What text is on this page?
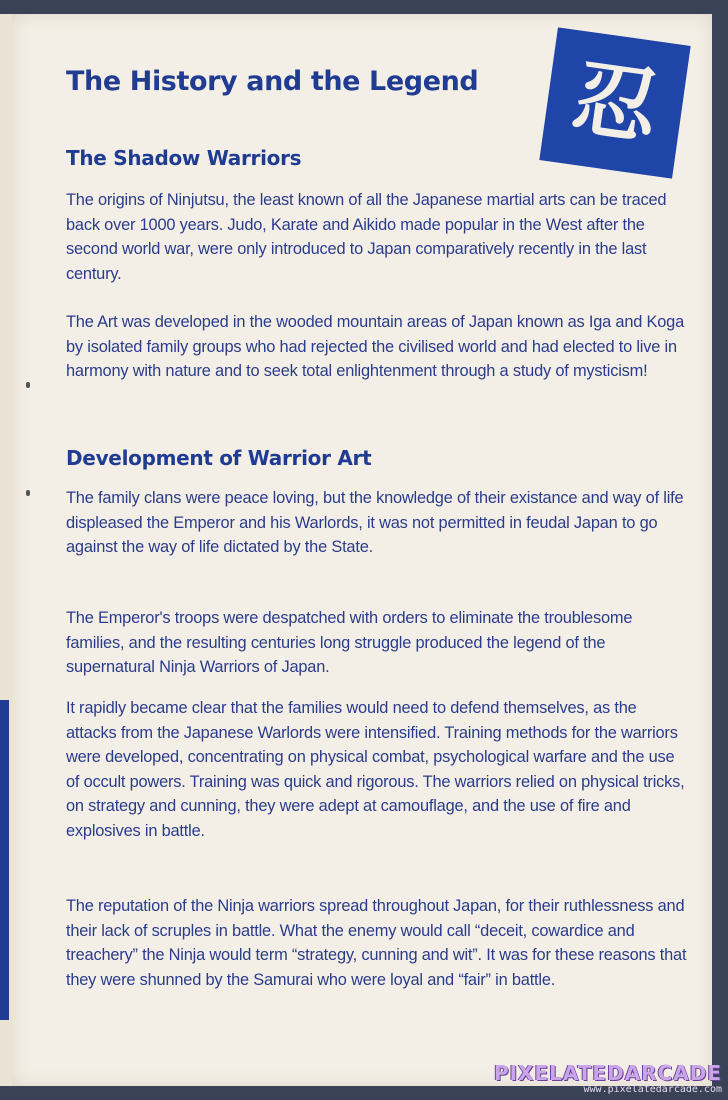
The History and the Legend 忍
The Shadow Warriors

The origins of Ninjutsu, the least known of all the Japanese martial arts can be traced back over 1000 years. Judo, Karate and Aikido made popular in the West after the second world war, were only introduced to Japan comparatively recently in the last century.

The Art was developed in the wooded mountain areas of Japan known as Iga and Koga by isolated family groups who had rejected the civilised world and had elected to live in harmony with nature and to seek total enlightenment through a study of mysticism!

Development of Warrior Art

The family clans were peace loving, but the knowledge of their existance and way of life displeased the Emperor and his Warlords, it was not permitted in feudal Japan to go against the way of life dictated by the State.

The Emperor's troops were despatched with orders to eliminate the troublesome families, and the resulting centuries long struggle produced the legend of the supernatural Ninja Warriors of Japan.

It rapidly became clear that the families would need to defend themselves, as the attacks from the Japanese Warlords were intensified. Training methods for the warriors were developed, concentrating on physical combat, psychological warfare and the use of occult powers. Training was quick and rigorous. The warriors relied on physical tricks, on strategy and cunning, they were adept at camouflage, and the use of fire and explosives in battle.

The reputation of the Ninja warriors spread throughout Japan, for their ruthlessness and their lack of scruples in battle. What the enemy would call “deceit, cowardice and treachery” the Ninja would term “strategy, cunning and wit”. It was for these reasons that they were shunned by the Samurai who were loyal and “fair” in battle.

PIXELATEDARCADE
www.pixelatedarcade.com
